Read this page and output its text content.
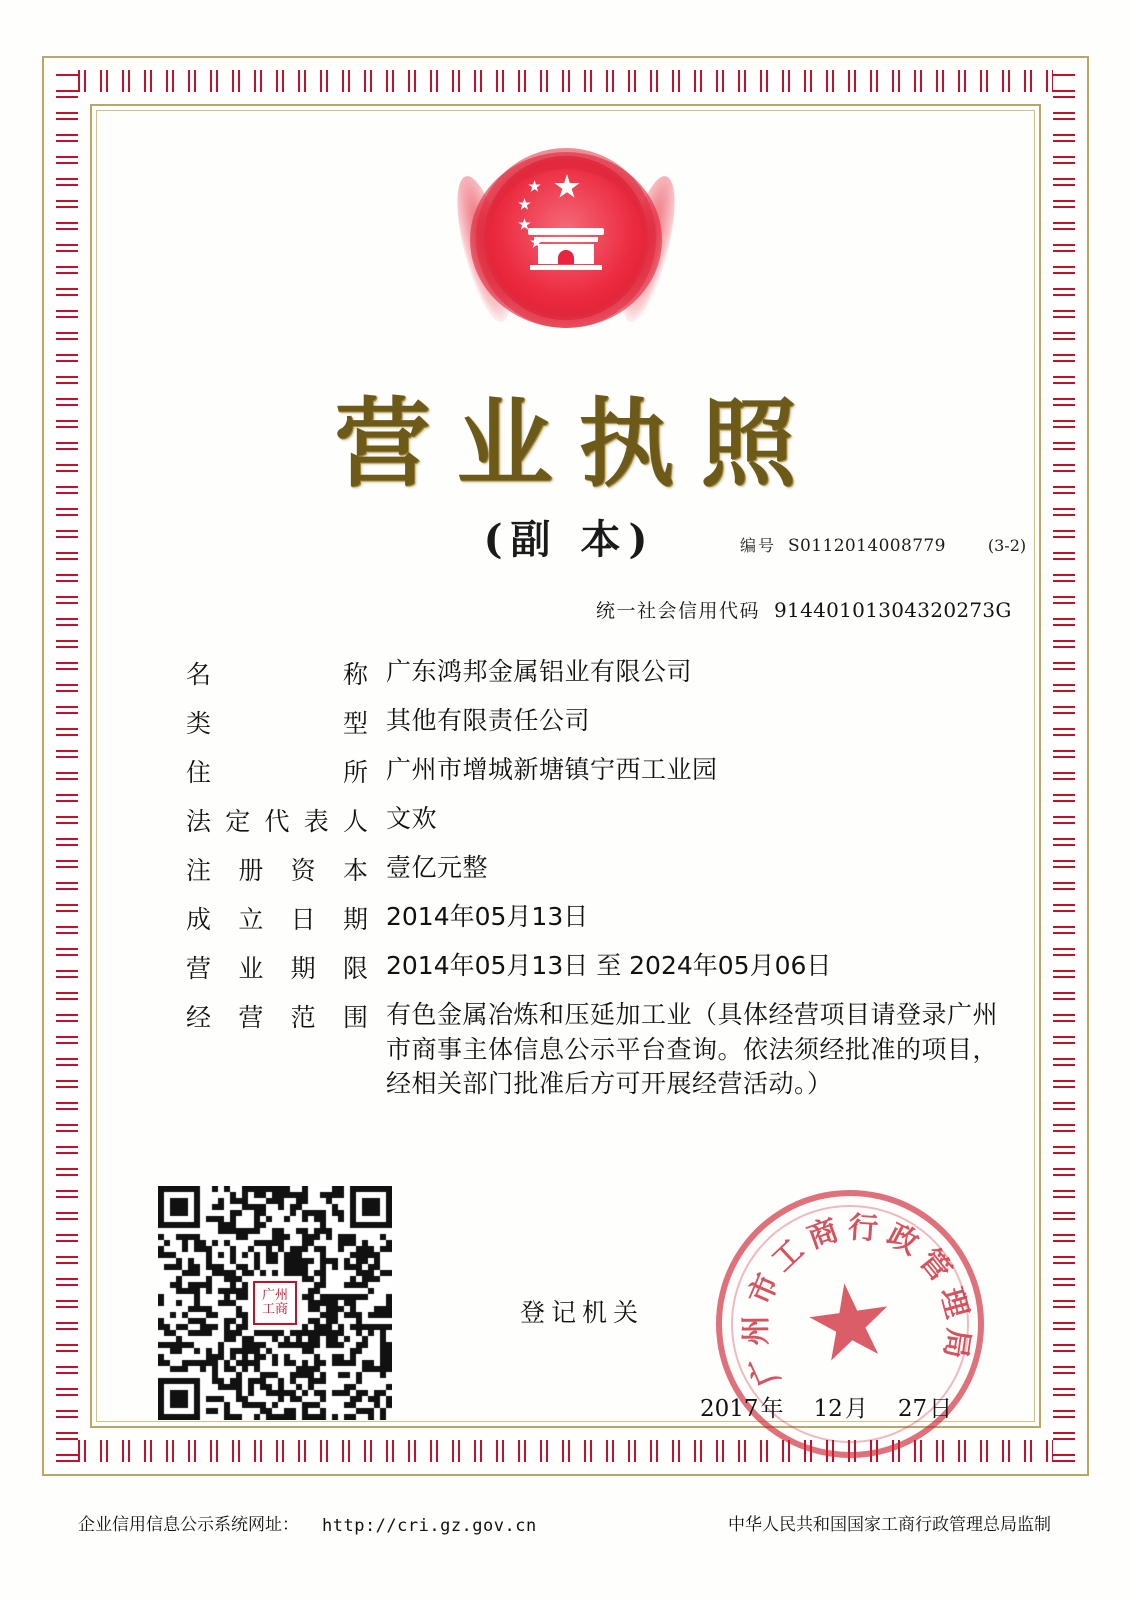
营业执照
(副 本)	编号 S0112014008779	(3-2)
统一社会信用代码 91440101304320273G
名	称 广东鸿邦金属铝业有限公司
类	型 其他有限责任公司
住	所 广州市增城新塘镇宁西工业园
法 定 代 表 人 文欢
注 册 资 本 壹亿元整
成 立 日 期 2014年05月13日
营 业 期 限 2014年05月13日 至 2024年05月06日
经 营 范 围 有色金属冶炼和压延加工业（具体经营项目请登录广州市商事主体信息公示平台查询。依法须经批准的项目，经相关部门批准后方可开展经营活动。）
广州
工商	登记机关
广
州
市
工
商 行 政
管
理
局
2017 年 12 月 27 日
企业信用信息公示系统网址： http://cri.gz.gov.cn	中华人民共和国国家工商行政管理总局监制
